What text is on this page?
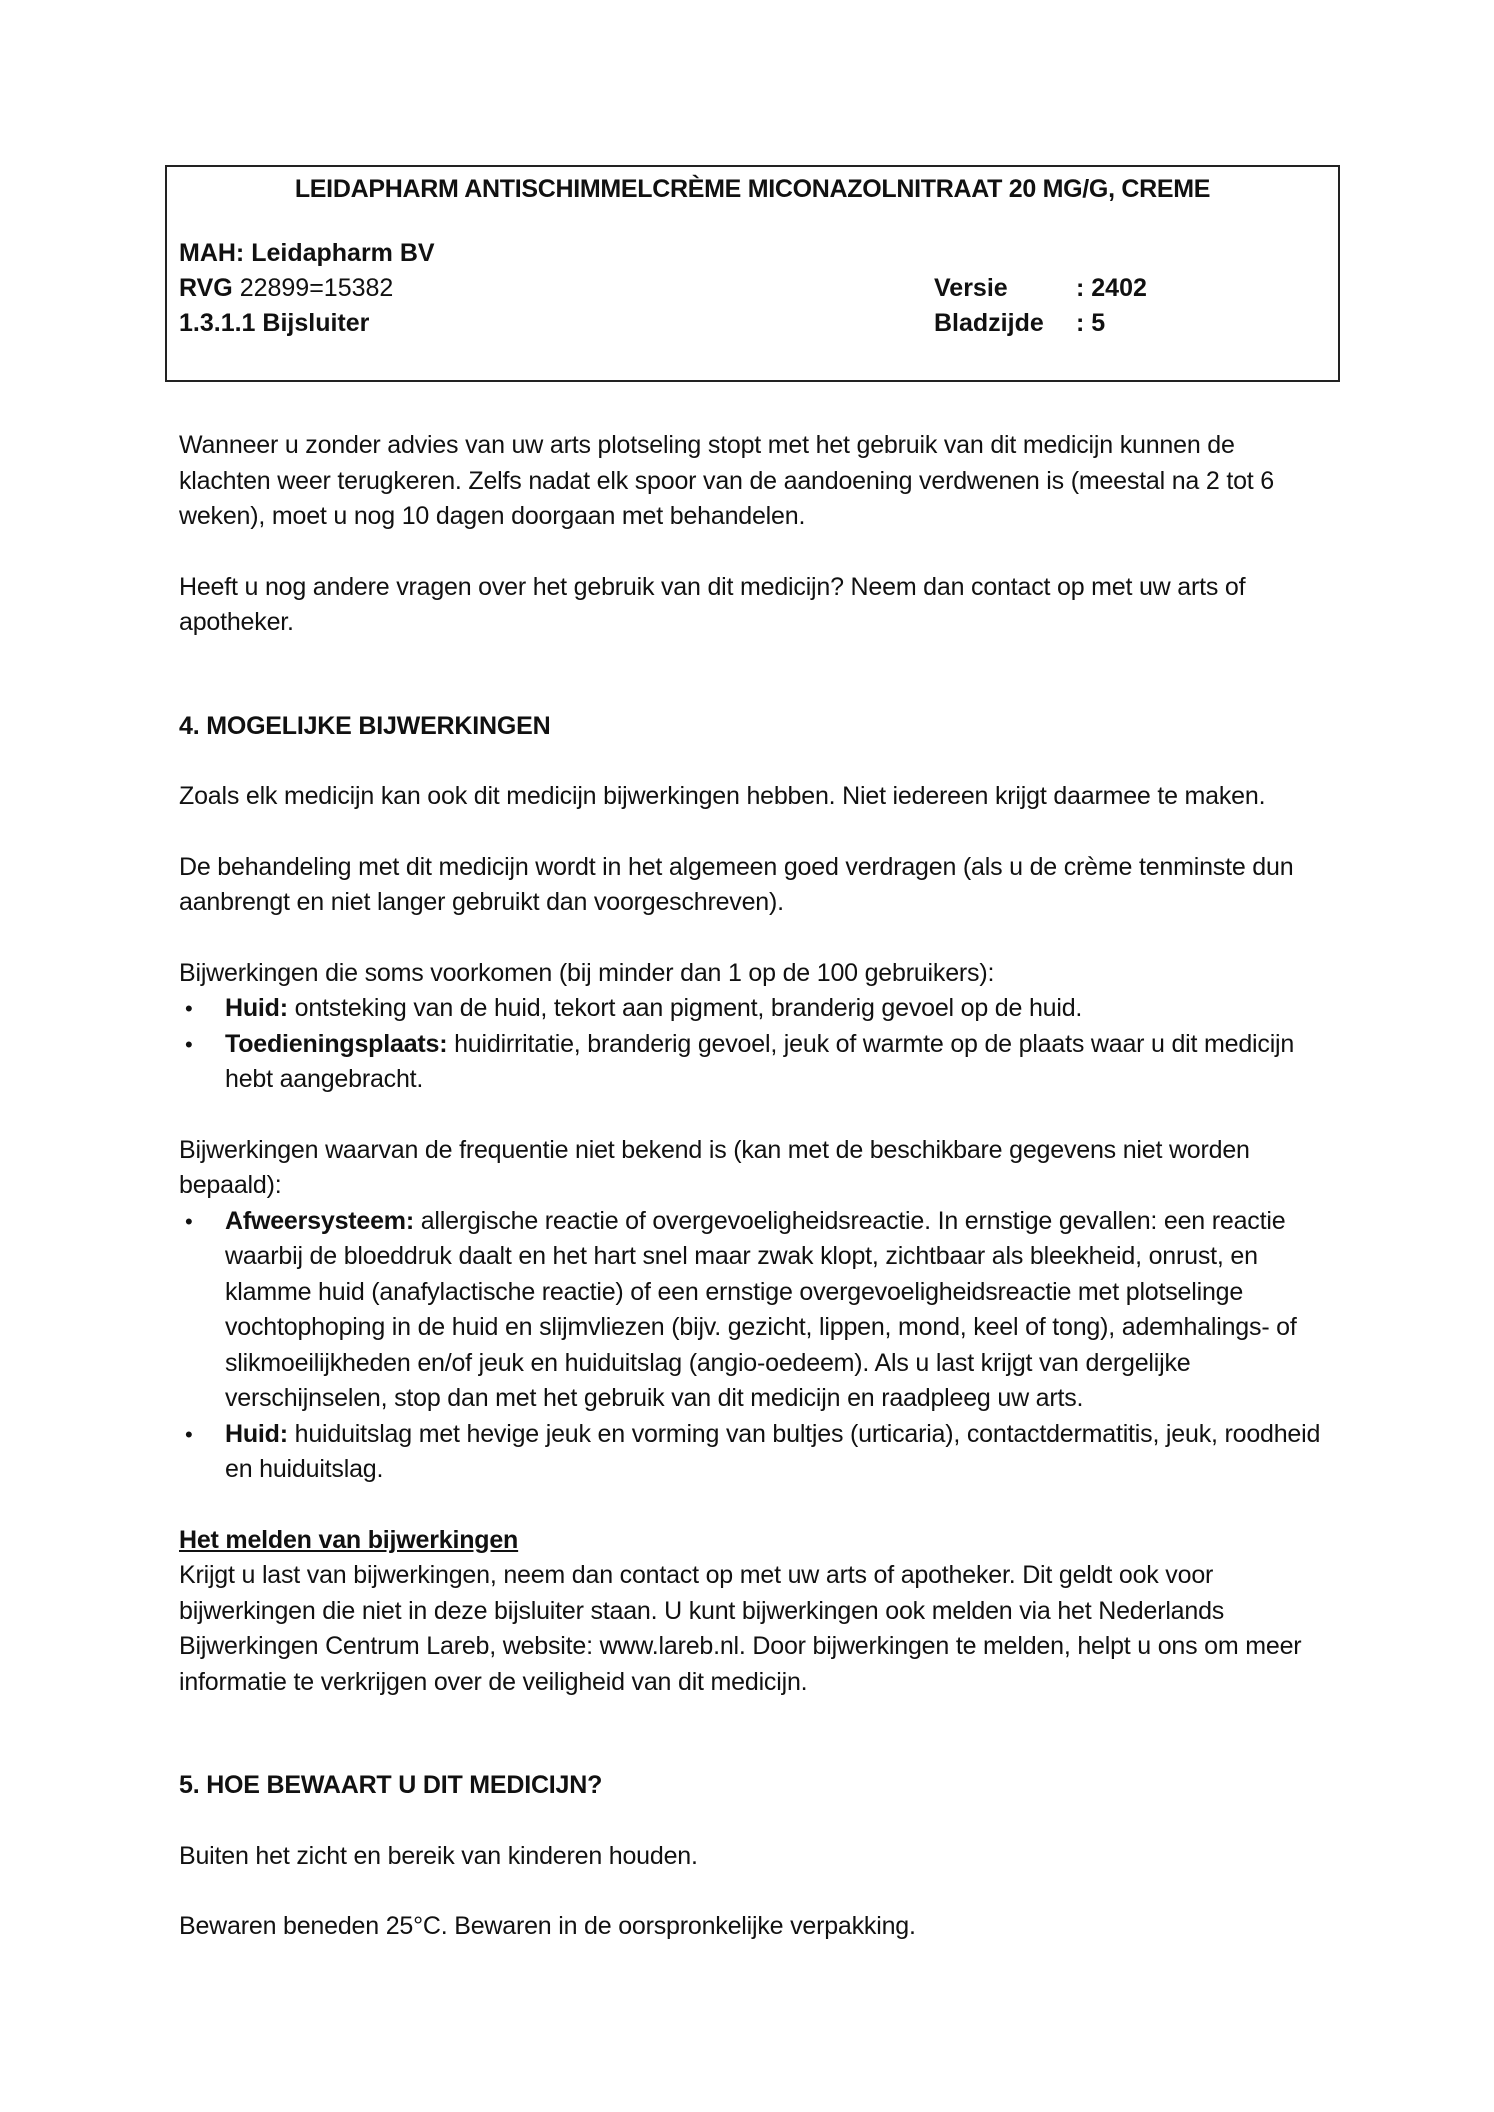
LEIDAPHARM ANTISCHIMMELCRÈME MICONAZOLNITRAAT 20 MG/G, CREME
MAH: Leidapharm BV
RVG 22899=15382
1.3.1.1 Bijsluiter
Versie	: 2402
Bladzijde : 5

Wanneer u zonder advies van uw arts plotseling stopt met het gebruik van dit medicijn kunnen de klachten weer terugkeren. Zelfs nadat elk spoor van de aandoening verdwenen is (meestal na 2 tot 6 weken), moet u nog 10 dagen doorgaan met behandelen.

Heeft u nog andere vragen over het gebruik van dit medicijn? Neem dan contact op met uw arts of apotheker.

4. MOGELIJKE BIJWERKINGEN

Zoals elk medicijn kan ook dit medicijn bijwerkingen hebben. Niet iedereen krijgt daarmee te maken.

De behandeling met dit medicijn wordt in het algemeen goed verdragen (als u de crème tenminste dun aanbrengt en niet langer gebruikt dan voorgeschreven).

Bijwerkingen die soms voorkomen (bij minder dan 1 op de 100 gebruikers):

• Huid: ontsteking van de huid, tekort aan pigment, branderig gevoel op de huid.
• Toedieningsplaats: huidirritatie, branderig gevoel, jeuk of warmte op de plaats waar u dit medicijn hebt aangebracht.

Bijwerkingen waarvan de frequentie niet bekend is (kan met de beschikbare gegevens niet worden bepaald):

• Afweersysteem: allergische reactie of overgevoeligheidsreactie. In ernstige gevallen: een reactie waarbij de bloeddruk daalt en het hart snel maar zwak klopt, zichtbaar als bleekheid, onrust, en klamme huid (anafylactische reactie) of een ernstige overgevoeligheidsreactie met plotselinge vochtophoping in de huid en slijmvliezen (bijv. gezicht, lippen, mond, keel of tong), ademhalings- of slikmoeilijkheden en/of jeuk en huiduitslag (angio-oedeem). Als u last krijgt van dergelijke verschijnselen, stop dan met het gebruik van dit medicijn en raadpleeg uw arts.
• Huid: huiduitslag met hevige jeuk en vorming van bultjes (urticaria), contactdermatitis, jeuk, roodheid en huiduitslag.

Het melden van bijwerkingen

Krijgt u last van bijwerkingen, neem dan contact op met uw arts of apotheker. Dit geldt ook voor bijwerkingen die niet in deze bijsluiter staan. U kunt bijwerkingen ook melden via het Nederlands Bijwerkingen Centrum Lareb, website: www.lareb.nl. Door bijwerkingen te melden, helpt u ons om meer informatie te verkrijgen over de veiligheid van dit medicijn.

5. HOE BEWAART U DIT MEDICIJN?

Buiten het zicht en bereik van kinderen houden.

Bewaren beneden 25°C. Bewaren in de oorspronkelijke verpakking.
